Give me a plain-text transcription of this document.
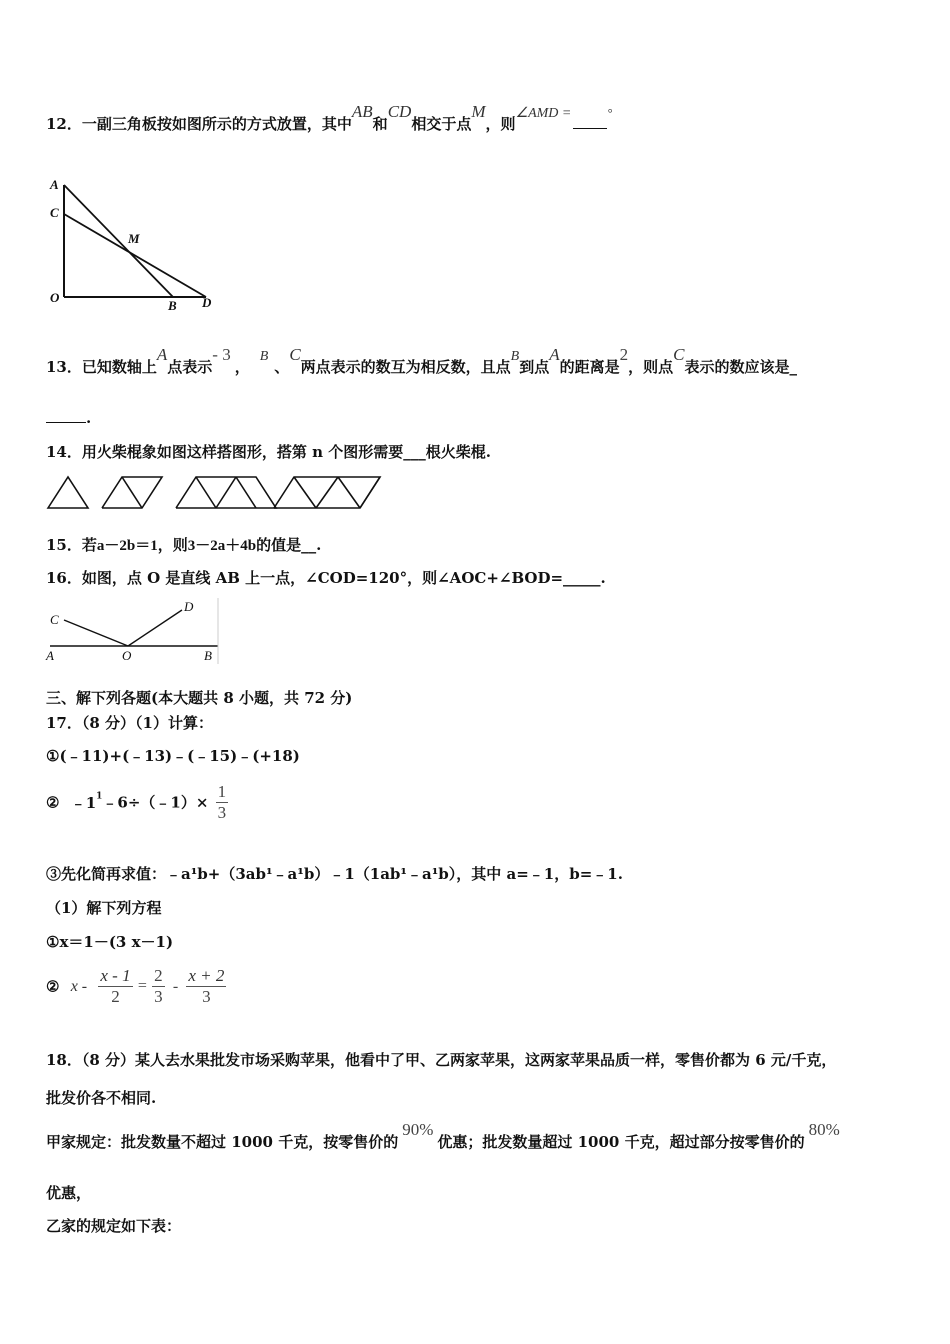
12．一副三角板按如图所示的方式放置，其中AB和CD相交于点M，则∠AMD =	°
A
C
M
O
B D
13．已知数轴上A点表示- 3，B、C两点表示的数互为相反数，且点B到点A的距离是2，则点C表示的数应该是_
.
14．用火柴棍象如图这样搭图形，搭第 n 个图形需要___根火柴棍.
15．若a－2b＝1，则3－2a＋4b的值是__.
16．如图，点 O 是直线 AB 上一点，∠COD=120°，则∠AOC+∠BOD=_____.
C
D
A	O	B
三、解下列各题(本大题共 8 小题，共 72 分)
17．（8 分）（1）计算：
①(﹣11)+(﹣13)﹣(﹣15)﹣(+18)
② $﹣1^1﹣6\div(﹣1)\times \frac{1}{3}$
③先化简再求值：﹣a¹b+（3ab¹﹣a¹b）﹣1（1ab¹﹣a¹b），其中 a=﹣1，b=﹣1.
（1）解下列方程
①x＝1－(3 x－1)
② $x - \frac{x - 1}{2} = \frac{2}{3} - \frac{x + 2}{3}$
18．（8 分）某人去水果批发市场采购苹果，他看中了甲、乙两家苹果，这两家苹果品质一样，零售价都为 6 元/千克，
批发价各不相同.
甲家规定：批发数量不超过 1000 千克，按零售价的90%优惠；批发数量超过 1000 千克，超过部分按零售价的80%
优惠，
乙家的规定如下表：
